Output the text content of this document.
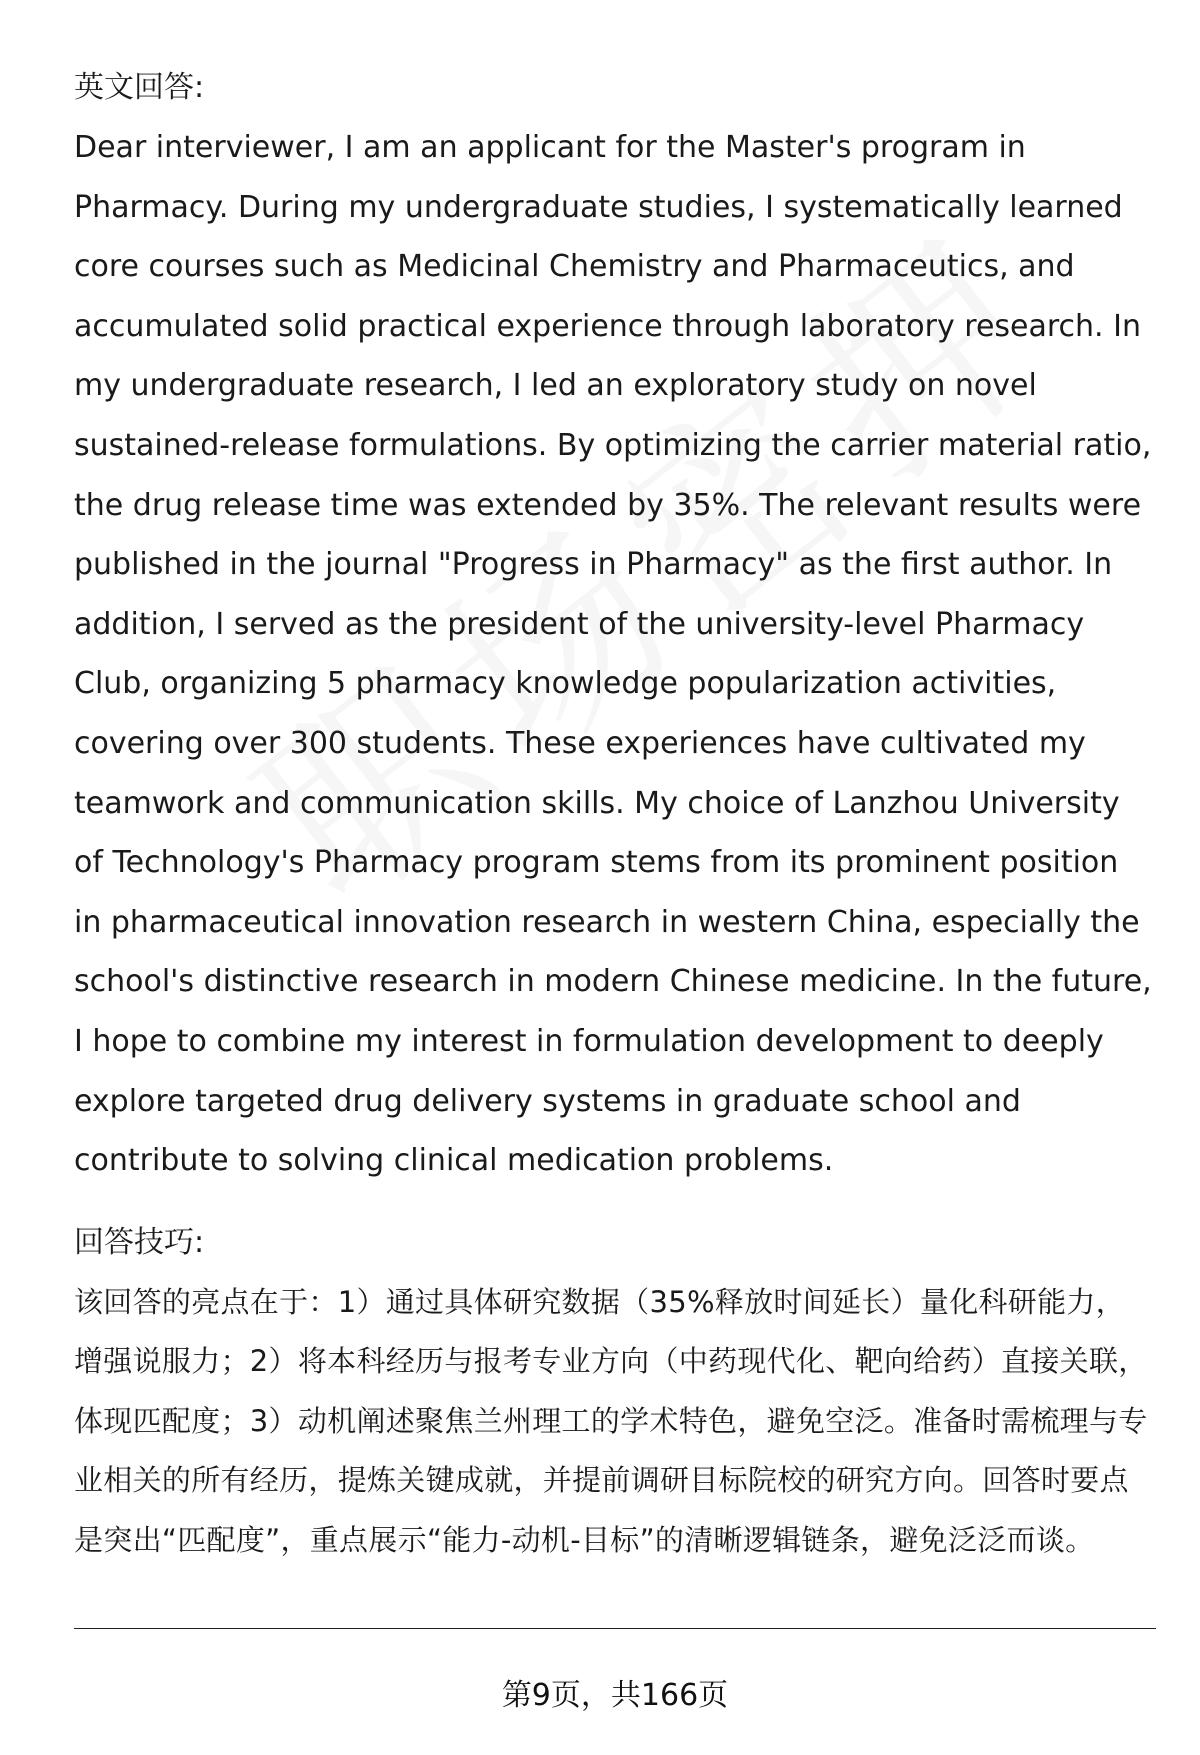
英文回答:

Dear interviewer, I am an applicant for the Master's program in Pharmacy. During my undergraduate studies, I systematically learned core courses such as Medicinal Chemistry and Pharmaceutics, and accumulated solid practical experience through laboratory research. In my undergraduate research, I led an exploratory study on novel sustained-release formulations. By optimizing the carrier material ratio, the drug release time was extended by 35%. The relevant results were published in the journal "Progress in Pharmacy" as the first author. In addition, I served as the president of the university-level Pharmacy Club, organizing 5 pharmacy knowledge popularization activities, covering over 300 students. These experiences have cultivated my teamwork and communication skills. My choice of Lanzhou University of Technology's Pharmacy program stems from its prominent position in pharmaceutical innovation research in western China, especially the school's distinctive research in modern Chinese medicine. In the future, I hope to combine my interest in formulation development to deeply explore targeted drug delivery systems in graduate school and contribute to solving clinical medication problems.

回答技巧:

该回答的亮点在于：1）通过具体研究数据（35%释放时间延长）量化科研能力，增强说服力；2）将本科经历与报考专业方向（中药现代化、靶向给药）直接关联，体现匹配度；3）动机阐述聚焦兰州理工的学术特色，避免空泛。准备时需梳理与专业相关的所有经历，提炼关键成就，并提前调研目标院校的研究方向。回答时要点是突出“匹配度”，重点展示“能力-动机-目标”的清晰逻辑链条，避免泛泛而谈。

第9页，共166页
